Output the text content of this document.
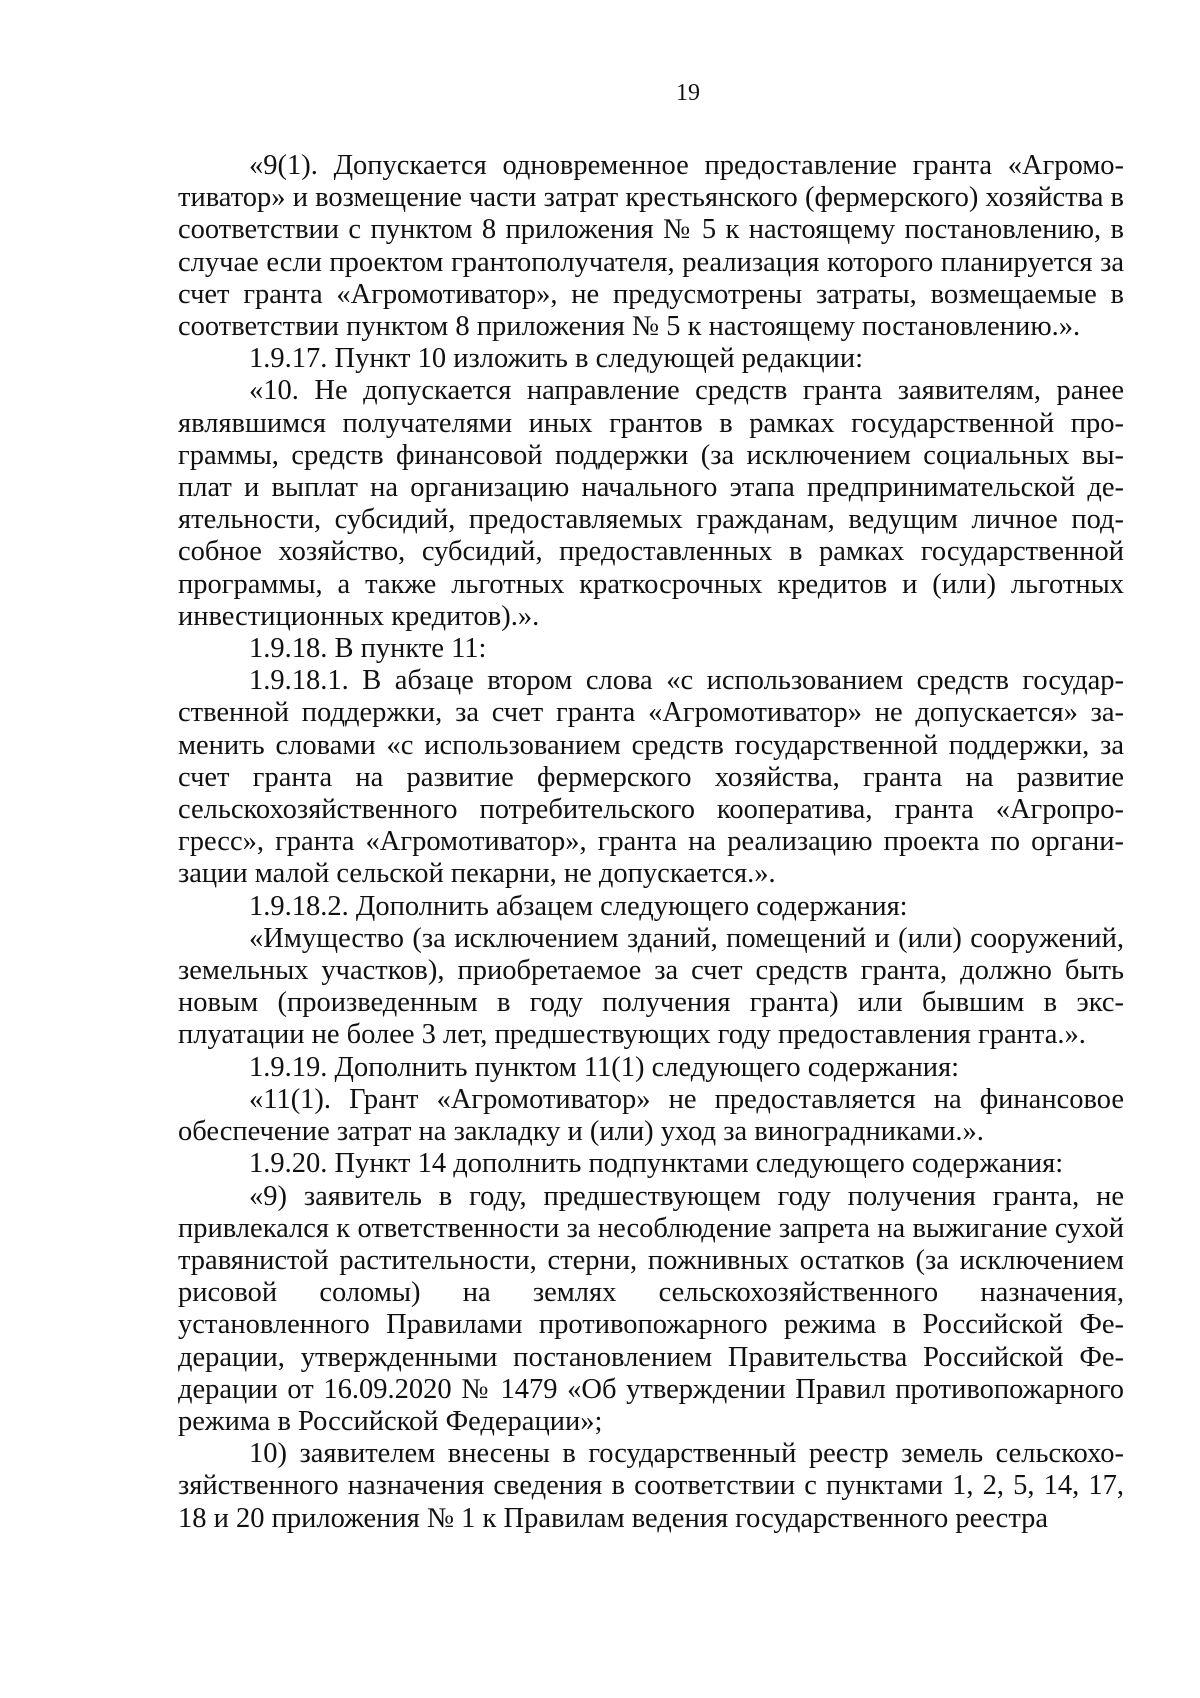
19

«9(1). Допускается одновременное предоставление гранта «Агромотиватор» и возмещение части затрат крестьянского (фермерского) хозяйства в соответствии с пунктом 8 приложения № 5 к настоящему постановлению, в случае если проектом грантополучателя, реализация которого планируется за счет гранта «Агромотиватор», не предусмотрены затраты, возмещаемые в соответствии пунктом 8 приложения № 5 к настоящему постановлению.».

1.9.17. Пункт 10 изложить в следующей редакции:

«10. Не допускается направление средств гранта заявителям, ранее являвшимся получателями иных грантов в рамках государственной программы, средств финансовой поддержки (за исключением социальных выплат и выплат на организацию начального этапа предпринимательской деятельности, субсидий, предоставляемых гражданам, ведущим личное подсобное хозяйство, субсидий, предоставленных в рамках государственной программы, а также льготных краткосрочных кредитов и (или) льготных инвестиционных кредитов).».

1.9.18. В пункте 11:

1.9.18.1. В абзаце втором слова «с использованием средств государственной поддержки, за счет гранта «Агромотиватор» не допускается» заменить словами «с использованием средств государственной поддержки, за счет гранта на развитие фермерского хозяйства, гранта на развитие сельскохозяйственного потребительского кооператива, гранта «Агропрогресс», гранта «Агромотиватор», гранта на реализацию проекта по организации малой сельской пекарни, не допускается.».

1.9.18.2. Дополнить абзацем следующего содержания:

«Имущество (за исключением зданий, помещений и (или) сооружений, земельных участков), приобретаемое за счет средств гранта, должно быть новым (произведенным в году получения гранта) или бывшим в эксплуатации не более 3 лет, предшествующих году предоставления гранта.».

1.9.19. Дополнить пунктом 11(1) следующего содержания:

«11(1). Грант «Агромотиватор» не предоставляется на финансовое обеспечение затрат на закладку и (или) уход за виноградниками.».

1.9.20. Пункт 14 дополнить подпунктами следующего содержания:

«9) заявитель в году, предшествующем году получения гранта, не привлекался к ответственности за несоблюдение запрета на выжигание сухой травянистой растительности, стерни, пожнивных остатков (за исключением рисовой соломы) на землях сельскохозяйственного назначения, установленного Правилами противопожарного режима в Российской Федерации, утвержденными постановлением Правительства Российской Федерации от 16.09.2020 № 1479 «Об утверждении Правил противопожарного режима в Российской Федерации»;

10) заявителем внесены в государственный реестр земель сельскохозяйственного назначения сведения в соответствии с пунктами 1, 2, 5, 14, 17, 18 и 20 приложения № 1 к Правилам ведения государственного реестра
